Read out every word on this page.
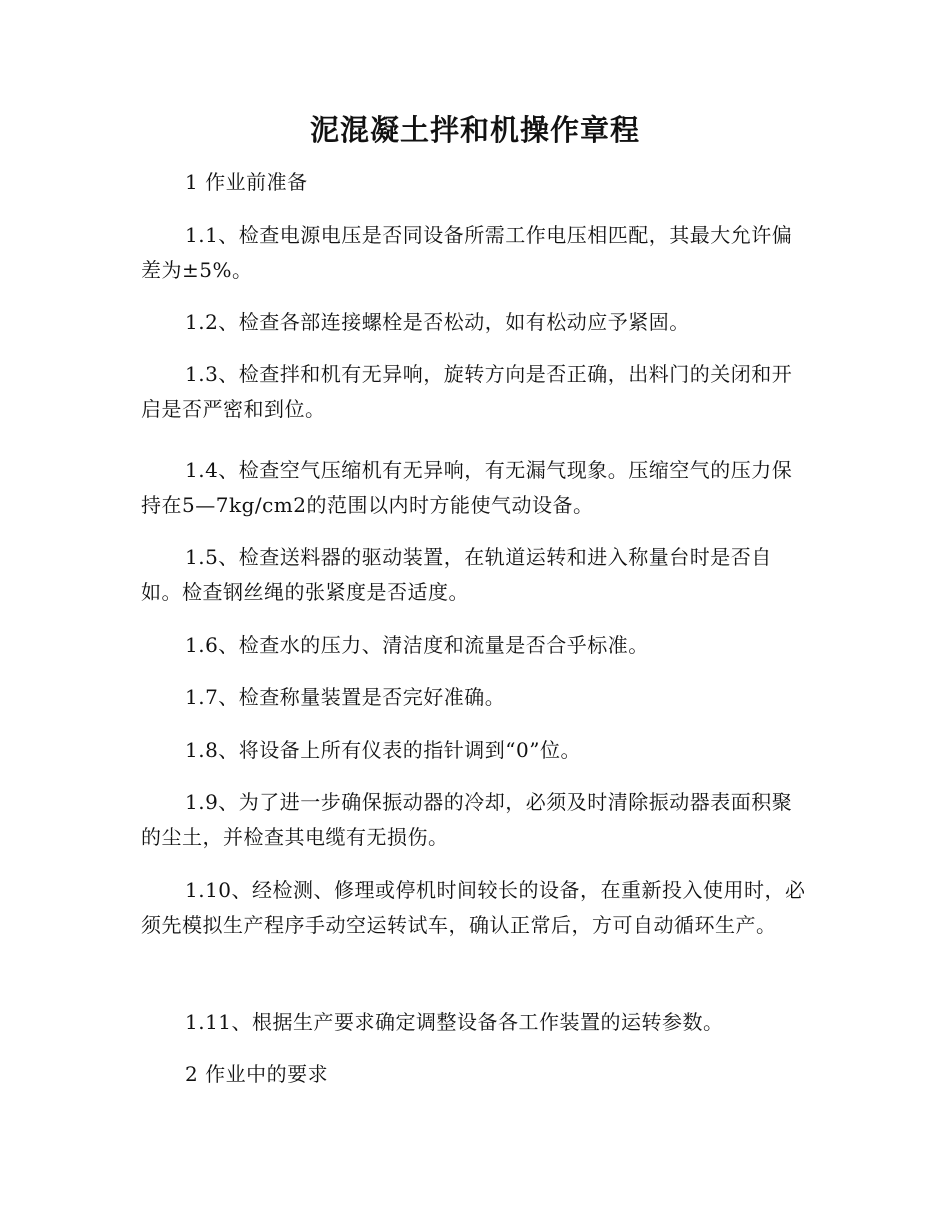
泥混凝土拌和机操作章程

1 作业前准备

1.1、检查电源电压是否同设备所需工作电压相匹配，其最大允许偏差为±5%。

1.2、检查各部连接螺栓是否松动，如有松动应予紧固。

1.3、检查拌和机有无异响，旋转方向是否正确，出料门的关闭和开启是否严密和到位。

1.4、检查空气压缩机有无异响，有无漏气现象。压缩空气的压力保持在5—7kg/cm2的范围以内时方能使气动设备。

1.5、检查送料器的驱动装置，在轨道运转和进入称量台时是否自如。检查钢丝绳的张紧度是否适度。

1.6、检查水的压力、清洁度和流量是否合乎标准。

1.7、检查称量装置是否完好准确。

1.8、将设备上所有仪表的指针调到“0”位。

1.9、为了进一步确保振动器的冷却，必须及时清除振动器表面积聚的尘土，并检查其电缆有无损伤。

1.10、经检测、修理或停机时间较长的设备，在重新投入使用时，必须先模拟生产程序手动空运转试车，确认正常后，方可自动循环生产。

1.11、根据生产要求确定调整设备各工作装置的运转参数。

2 作业中的要求
